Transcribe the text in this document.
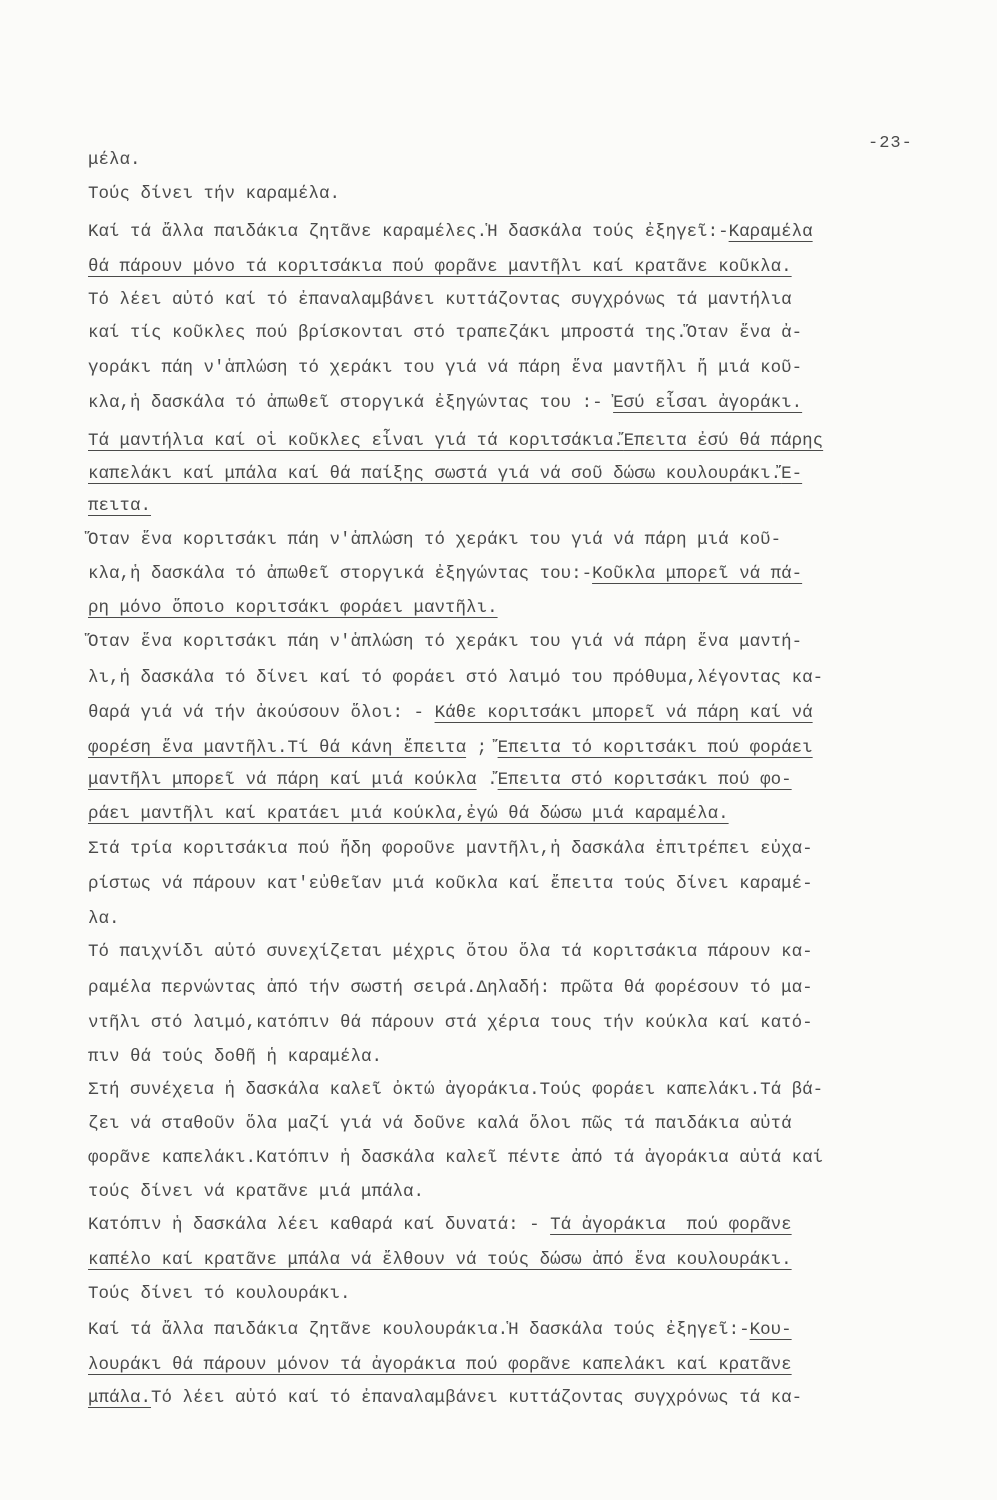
-23-
μέλα.
Τούς δίνει τήν καραμέλα.
Καί τά ἄλλα παιδάκια ζητᾶνε καραμέλες.Ἡ δασκάλα τούς ἐξηγεῖ:-Καραμέλα
θά πάρουν μόνο τά κοριτσάκια πού φορᾶνε μαντῆλι καί κρατᾶνε κοῦκλα.
Τό λέει αὐτό καί τό ἐπαναλαμβάνει κυττάζοντας συγχρόνως τά μαντήλια
καί τίς κοῦκλες πού βρίσκονται στό τραπεζάκι μπροστά της.Ὅταν ἕνα ἀ-
γοράκι πάη ν'ἁπλώση τό χεράκι του γιά νά πάρη ἕνα μαντῆλι ἤ μιά κοῦ-
κλα,ἡ δασκάλα τό ἀπωθεῖ στοργικά ἐξηγώντας του :- Ἐσύ εἶσαι ἀγοράκι.
Τά μαντήλια καί οἱ κοῦκλες εἶναι γιά τά κοριτσάκια.Ἔπειτα ἐσύ θά πάρης
καπελάκι καί μπάλα καί θά παίξης σωστά γιά νά σοῦ δώσω κουλουράκι.Ἔ-
πειτα.
Ὅταν ἕνα κοριτσάκι πάη ν'ἁπλώση τό χεράκι του γιά νά πάρη μιά κοῦ-
κλα,ἡ δασκάλα τό ἀπωθεῖ στοργικά ἐξηγώντας του:-Κοῦκλα μπορεῖ νά πά-
ρη μόνο ὅποιο κοριτσάκι φοράει μαντῆλι.
Ὅταν ἕνα κοριτσάκι πάη ν'ἁπλώση τό χεράκι του γιά νά πάρη ἕνα μαντή-
λι,ἡ δασκάλα τό δίνει καί τό φοράει στό λαιμό του πρόθυμα,λέγοντας κα-
θαρά γιά νά τήν ἀκούσουν ὅλοι: - Κάθε κοριτσάκι μπορεῖ νά πάρη καί νά
φορέση ἕνα μαντῆλι.Τί θά κάνη ἔπειτα ; Ἔπειτα τό κοριτσάκι πού φοράει
μαντῆλι μπορεῖ νά πάρη καί μιά κούκλα .Ἔπειτα στό κοριτσάκι πού φο-
ράει μαντῆλι καί κρατάει μιά κούκλα,ἐγώ θά δώσω μιά καραμέλα.
Στά τρία κοριτσάκια πού ἤδη φοροῦνε μαντῆλι,ἡ δασκάλα ἐπιτρέπει εὐχα-
ρίστως νά πάρουν κατ'εὐθεῖαν μιά κοῦκλα καί ἔπειτα τούς δίνει καραμέ-
λα.
Τό παιχνίδι αὐτό συνεχίζεται μέχρις ὅτου ὅλα τά κοριτσάκια πάρουν κα-
ραμέλα περνώντας ἀπό τήν σωστή σειρά.Δηλαδή: πρῶτα θά φορέσουν τό μα-
ντῆλι στό λαιμό,κατόπιν θά πάρουν στά χέρια τους τήν κούκλα καί κατό-
πιν θά τούς δοθῆ ἡ καραμέλα.
Στή συνέχεια ἡ δασκάλα καλεῖ ὀκτώ ἀγοράκια.Τούς φοράει καπελάκι.Τά βά-
ζει νά σταθοῦν ὅλα μαζί γιά νά δοῦνε καλά ὅλοι πῶς τά παιδάκια αὐτά
φορᾶνε καπελάκι.Κατόπιν ἡ δασκάλα καλεῖ πέντε ἀπό τά ἀγοράκια αὐτά καί
τούς δίνει νά κρατᾶνε μιά μπάλα.
Κατόπιν ἡ δασκάλα λέει καθαρά καί δυνατά: - Τά ἀγοράκια  πού φορᾶνε
καπέλο καί κρατᾶνε μπάλα νά ἔλθουν νά τούς δώσω ἀπό ἕνα κουλουράκι.
Τούς δίνει τό κουλουράκι.
Καί τά ἄλλα παιδάκια ζητᾶνε κουλουράκια.Ἡ δασκάλα τούς ἐξηγεῖ:-Κου-
λουράκι θά πάρουν μόνον τά ἀγοράκια πού φορᾶνε καπελάκι καί κρατᾶνε
μπάλα.Τό λέει αὐτό καί τό ἐπαναλαμβάνει κυττάζοντας συγχρόνως τά κα-
